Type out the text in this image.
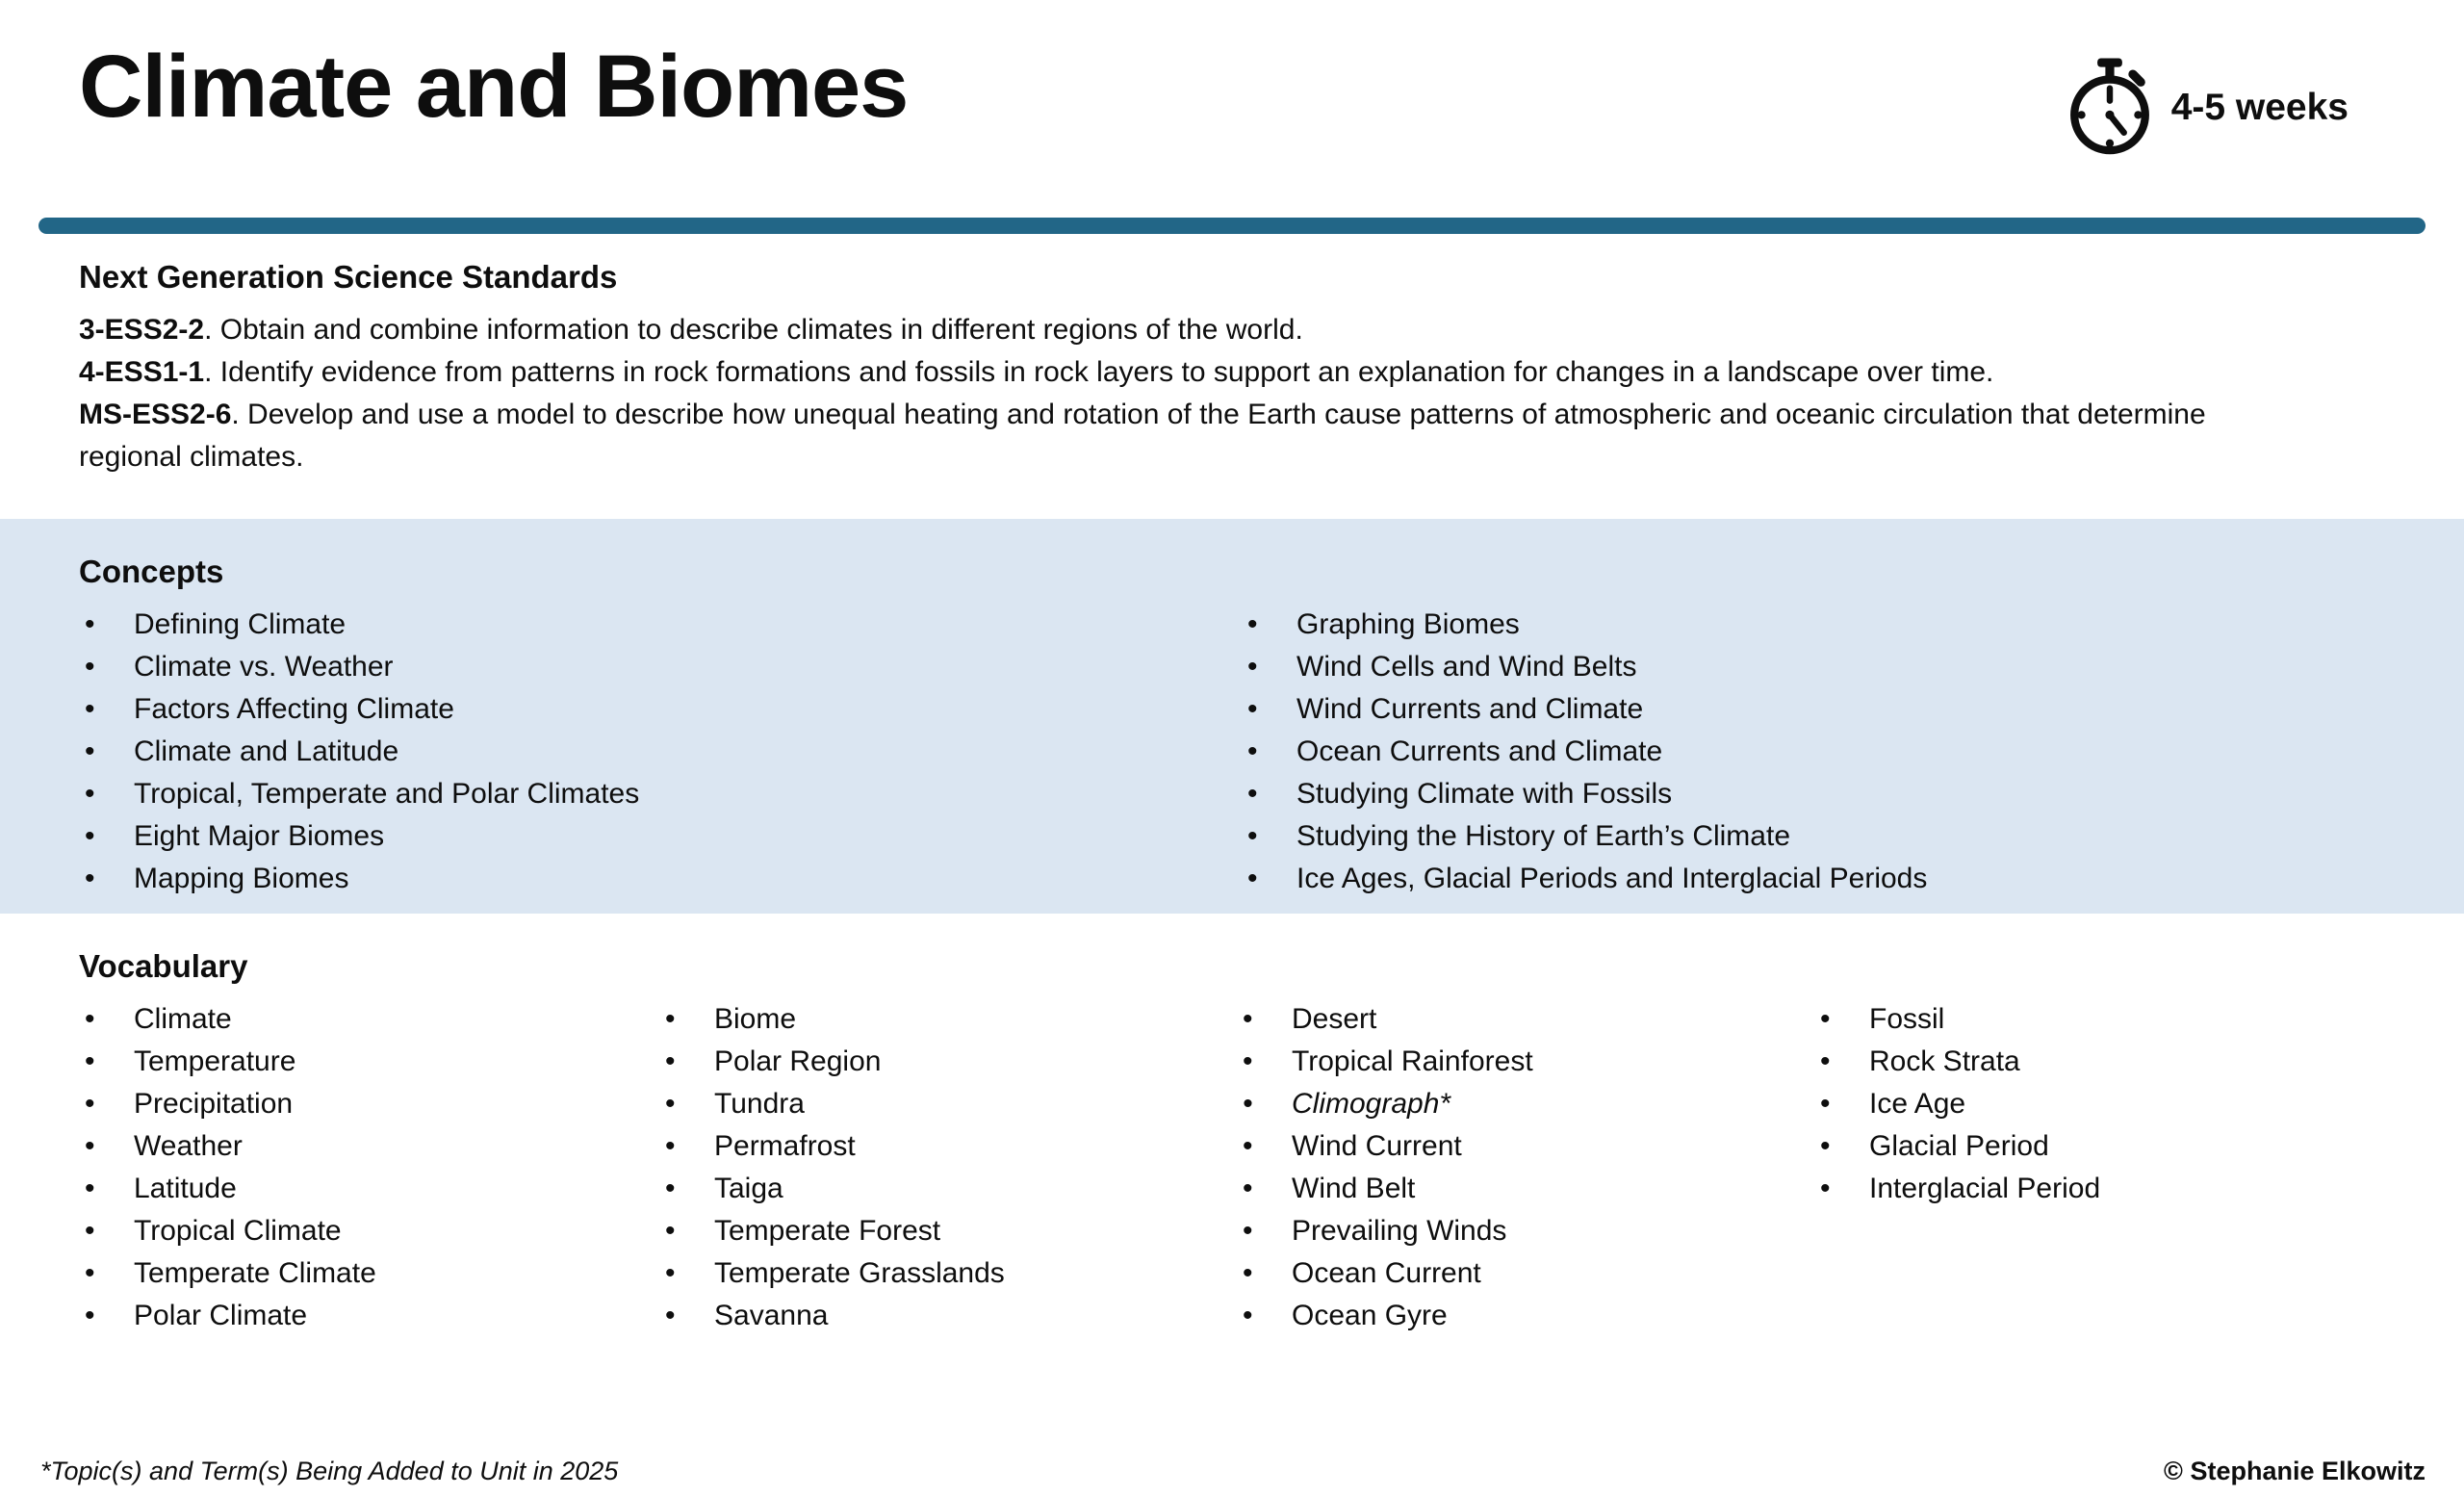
Climate and Biomes	4-5 weeks
Next Generation Science Standards

3-ESS2-2. Obtain and combine information to describe climates in different regions of the world.

4-ESS1-1. Identify evidence from patterns in rock formations and fossils in rock layers to support an explanation for changes in a landscape over time.

MS-ESS2-6. Develop and use a model to describe how unequal heating and rotation of the Earth cause patterns of atmospheric and oceanic circulation that determine regional climates.

Concepts
• Defining Climate
• Climate vs. Weather
• Factors Affecting Climate
• Climate and Latitude
• Tropical, Temperate and Polar Climates
• Eight Major Biomes
• Mapping Biomes
• Graphing Biomes
• Wind Cells and Wind Belts
• Wind Currents and Climate
• Ocean Currents and Climate
• Studying Climate with Fossils
• Studying the History of Earth’s Climate
• Ice Ages, Glacial Periods and Interglacial Periods
Vocabulary
• Climate
• Temperature
• Precipitation
• Weather
• Latitude
• Tropical Climate
• Temperate Climate
• Polar Climate
• Biome
• Polar Region
• Tundra
• Permafrost
• Taiga
• Temperate Forest
• Temperate Grasslands
• Savanna
• Desert
• Tropical Rainforest
• Climograph*
• Wind Current
• Wind Belt
• Prevailing Winds
• Ocean Current
• Ocean Gyre
• Fossil
• Rock Strata
• Ice Age
• Glacial Period
• Interglacial Period
*Topic(s) and Term(s) Being Added to Unit in 2025	© Stephanie Elkowitz
